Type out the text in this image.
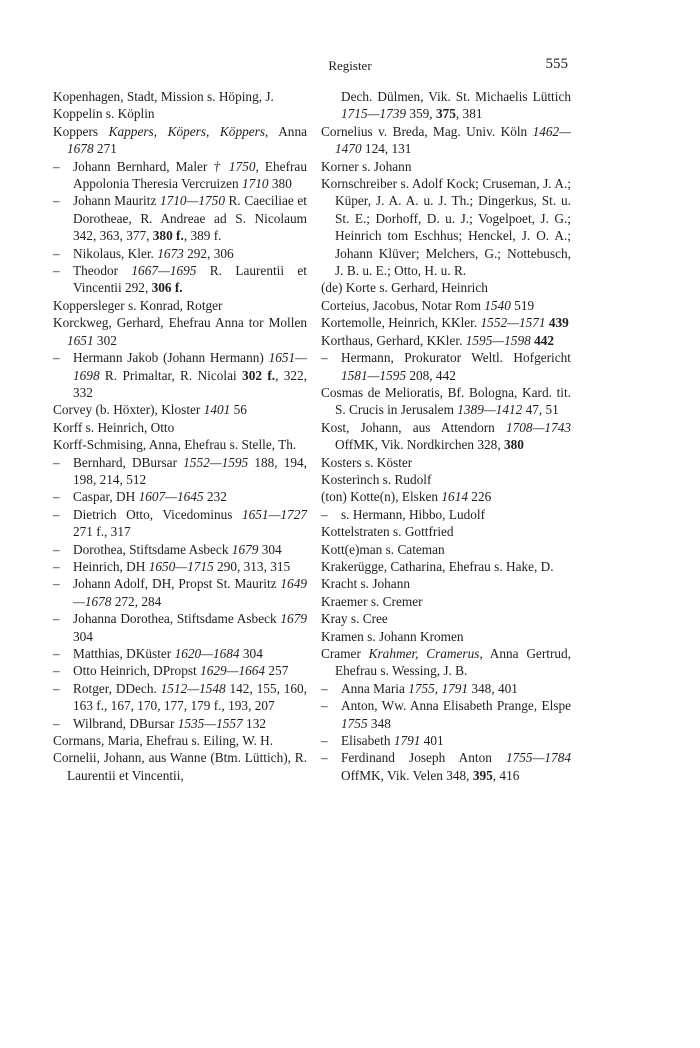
Register	555
Kopenhagen, Stadt, Mission s. Höping, J.
Koppelin s. Köplin
Koppers Kappers, Köpers, Köppers, Anna 1678 271
– Johann Bernhard, Maler † 1750, Ehefrau Appolonia Theresia Vercruizen 1710 380
– Johann Mauritz 1710—1750 R. Caeciliae et Dorotheae, R. Andreae ad S. Nicolaum 342, 363, 377, 380 f., 389 f.
– Nikolaus, Kler. 1673 292, 306
– Theodor 1667—1695 R. Laurentii et Vincentii 292, 306 f.
Koppersleger s. Konrad, Rotger
Korckweg, Gerhard, Ehefrau Anna tor Mollen 1651 302
– Hermann Jakob (Johann Hermann) 1651—1698 R. Primaltar, R. Nicolai 302 f., 322, 332
Corvey (b. Höxter), Kloster 1401 56
Korff s. Heinrich, Otto
Korff-Schmising, Anna, Ehefrau s. Stelle, Th.
– Bernhard, DBursar 1552—1595 188, 194, 198, 214, 512
– Caspar, DH 1607—1645 232
– Dietrich Otto, Vicedominus 1651—1727 271 f., 317
– Dorothea, Stiftsdame Asbeck 1679 304
– Heinrich, DH 1650—1715 290, 313, 315
– Johann Adolf, DH, Propst St. Mauritz 1649—1678 272, 284
– Johanna Dorothea, Stiftsdame Asbeck 1679 304
– Matthias, DKüster 1620—1684 304
– Otto Heinrich, DPropst 1629—1664 257
– Rotger, DDech. 1512—1548 142, 155, 160, 163 f., 167, 170, 177, 179 f., 193, 207
– Wilbrand, DBursar 1535—1557 132
Cormans, Maria, Ehefrau s. Eiling, W. H.
Cornelii, Johann, aus Wanne (Btm. Lüttich), R. Laurentii et Vincentii,
Dech. Dülmen, Vik. St. Michaelis Lüttich 1715—1739 359, 375, 381
Cornelius v. Breda, Mag. Univ. Köln 1462—1470 124, 131
Korner s. Johann
Kornschreiber s. Adolf Kock; Cruseman, J. A.; Küper, J. A. A. u. J. Th.; Dingerkus, St. u. St. E.; Dorhoff, D. u. J.; Vogelpoet, J. G.; Heinrich tom Eschhus; Henckel, J. O. A.; Johann Klüver; Melchers, G.; Nottebusch, J. B. u. E.; Otto, H. u. R.
(de) Korte s. Gerhard, Heinrich
Corteius, Jacobus, Notar Rom 1540 519
Kortemolle, Heinrich, KKler. 1552—1571 439
Korthaus, Gerhard, KKler. 1595—1598 442
– Hermann, Prokurator Weltl. Hofgericht 1581—1595 208, 442
Cosmas de Melioratis, Bf. Bologna, Kard. tit. S. Crucis in Jerusalem 1389—1412 47, 51
Kost, Johann, aus Attendorn 1708—1743 OffMK, Vik. Nordkirchen 328, 380
Kosters s. Köster
Kosterinch s. Rudolf
(ton) Kotte(n), Elsken 1614 226
– s. Hermann, Hibbo, Ludolf
Kottelstraten s. Gottfried
Kott(e)man s. Cateman
Krakerügge, Catharina, Ehefrau s. Hake, D.
Kracht s. Johann
Kraemer s. Cremer
Kray s. Cree
Kramen s. Johann Kromen
Cramer Krahmer, Cramerus, Anna Gertrud, Ehefrau s. Wessing, J. B.
– Anna Maria 1755, 1791 348, 401
– Anton, Ww. Anna Elisabeth Prange, Elspe 1755 348
– Elisabeth 1791 401
– Ferdinand Joseph Anton 1755—1784 OffMK, Vik. Velen 348, 395, 416
